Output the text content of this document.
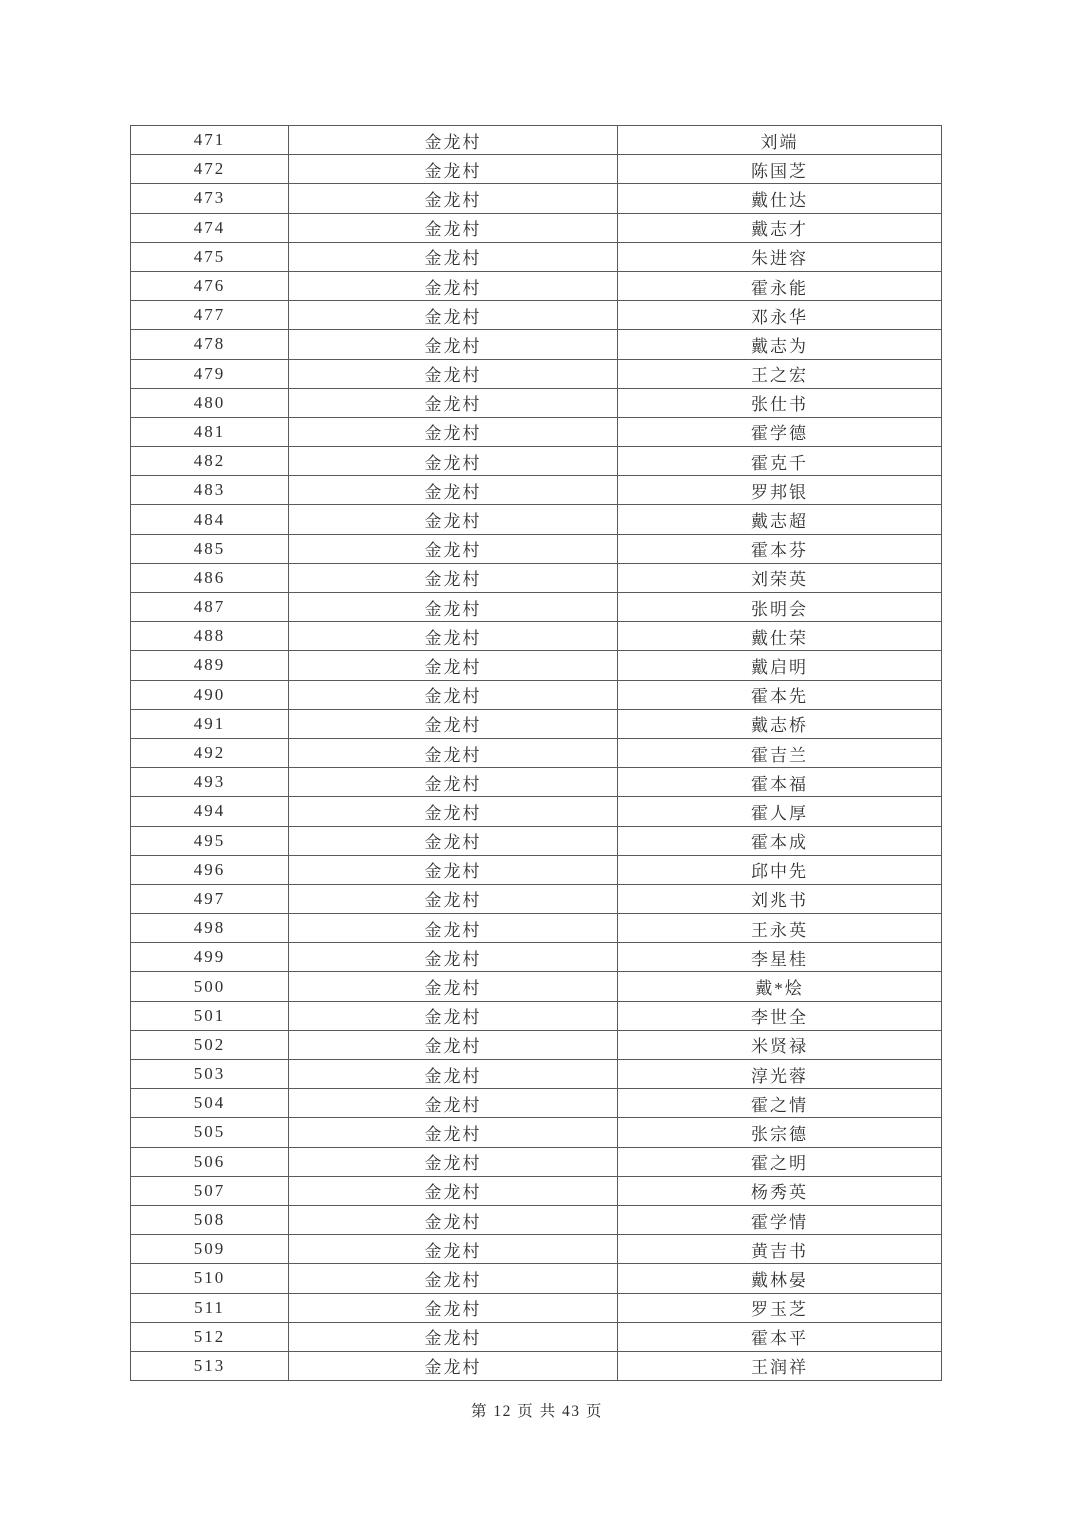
471	金龙村	刘端
472	金龙村	陈国芝
473	金龙村	戴仕达
474	金龙村	戴志才
475	金龙村	朱进容
476	金龙村	霍永能
477	金龙村	邓永华
478	金龙村	戴志为
479	金龙村	王之宏
480	金龙村	张仕书
481	金龙村	霍学德
482	金龙村	霍克千
483	金龙村	罗邦银
484	金龙村	戴志超
485	金龙村	霍本芬
486	金龙村	刘荣英
487	金龙村	张明会
488	金龙村	戴仕荣
489	金龙村	戴启明
490	金龙村	霍本先
491	金龙村	戴志桥
492	金龙村	霍吉兰
493	金龙村	霍本福
494	金龙村	霍人厚
495	金龙村	霍本成
496	金龙村	邱中先
497	金龙村	刘兆书
498	金龙村	王永英
499	金龙村	李星桂
500	金龙村	戴*烩
501	金龙村	李世全
502	金龙村	米贤禄
503	金龙村	淳光蓉
504	金龙村	霍之情
505	金龙村	张宗德
506	金龙村	霍之明
507	金龙村	杨秀英
508	金龙村	霍学情
509	金龙村	黄吉书
510	金龙村	戴林晏
511	金龙村	罗玉芝
512	金龙村	霍本平
513	金龙村	王润祥
第 12 页 共 43 页
